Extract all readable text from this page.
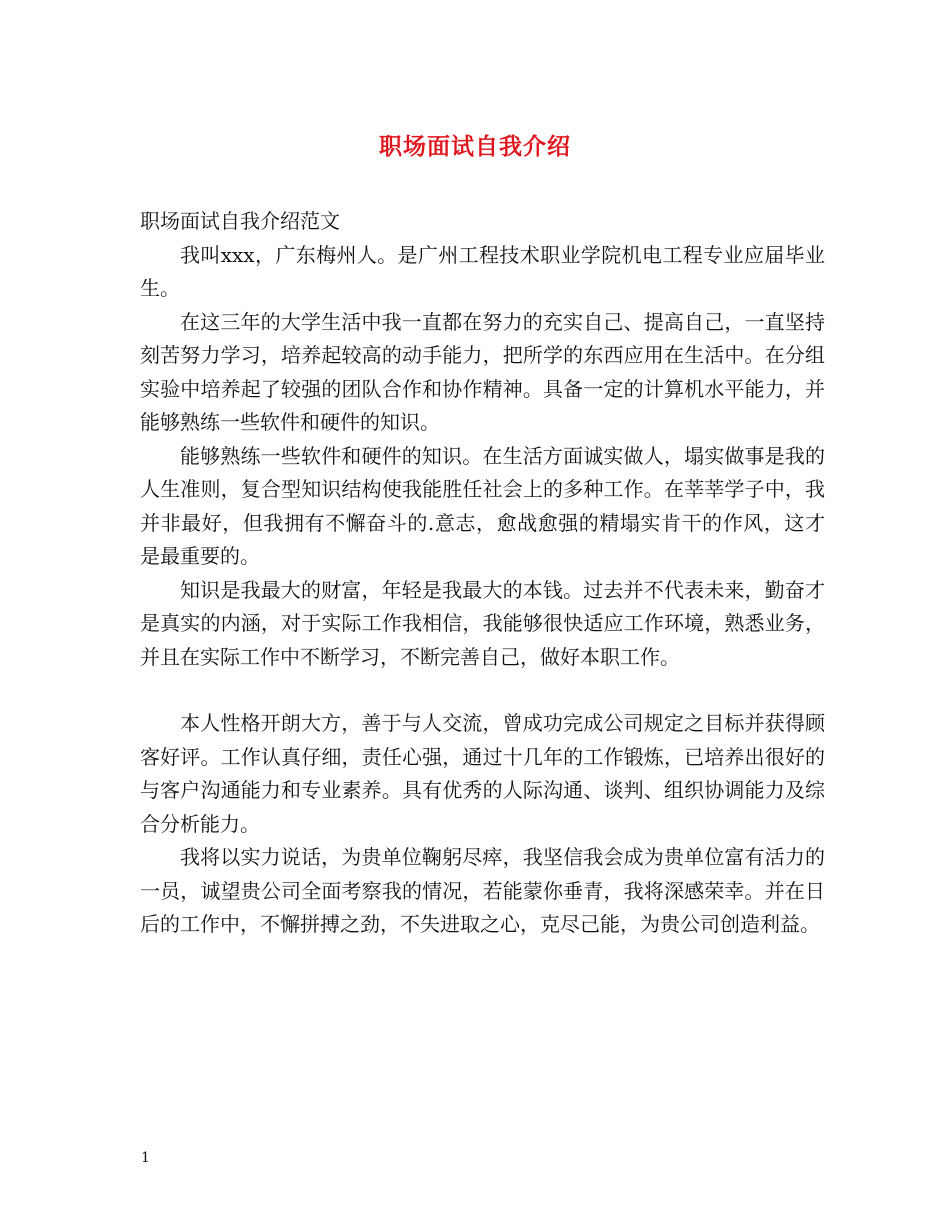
职场面试自我介绍

职场面试自我介绍范文

我叫xxx，广东梅州人。是广州工程技术职业学院机电工程专业应届毕业生。

在这三年的大学生活中我一直都在努力的充实自己、提高自己，一直坚持刻苦努力学习，培养起较高的动手能力，把所学的东西应用在生活中。在分组实验中培养起了较强的团队合作和协作精神。具备一定的计算机水平能力，并能够熟练一些软件和硬件的知识。

能够熟练一些软件和硬件的知识。在生活方面诚实做人，塌实做事是我的人生准则，复合型知识结构使我能胜任社会上的多种工作。在莘莘学子中，我并非最好，但我拥有不懈奋斗的.意志，愈战愈强的精塌实肯干的作风，这才是最重要的。

知识是我最大的财富，年轻是我最大的本钱。过去并不代表未来，勤奋才是真实的内涵，对于实际工作我相信，我能够很快适应工作环境，熟悉业务，并且在实际工作中不断学习，不断完善自己，做好本职工作。

本人性格开朗大方，善于与人交流，曾成功完成公司规定之目标并获得顾客好评。工作认真仔细，责任心强，通过十几年的工作锻炼，已培养出很好的与客户沟通能力和专业素养。具有优秀的人际沟通、谈判、组织协调能力及综合分析能力。

我将以实力说话，为贵单位鞠躬尽瘁，我坚信我会成为贵单位富有活力的一员，诚望贵公司全面考察我的情况，若能蒙你垂青，我将深感荣幸。并在日后的工作中，不懈拼搏之劲，不失进取之心，克尽己能，为贵公司创造利益。

1
